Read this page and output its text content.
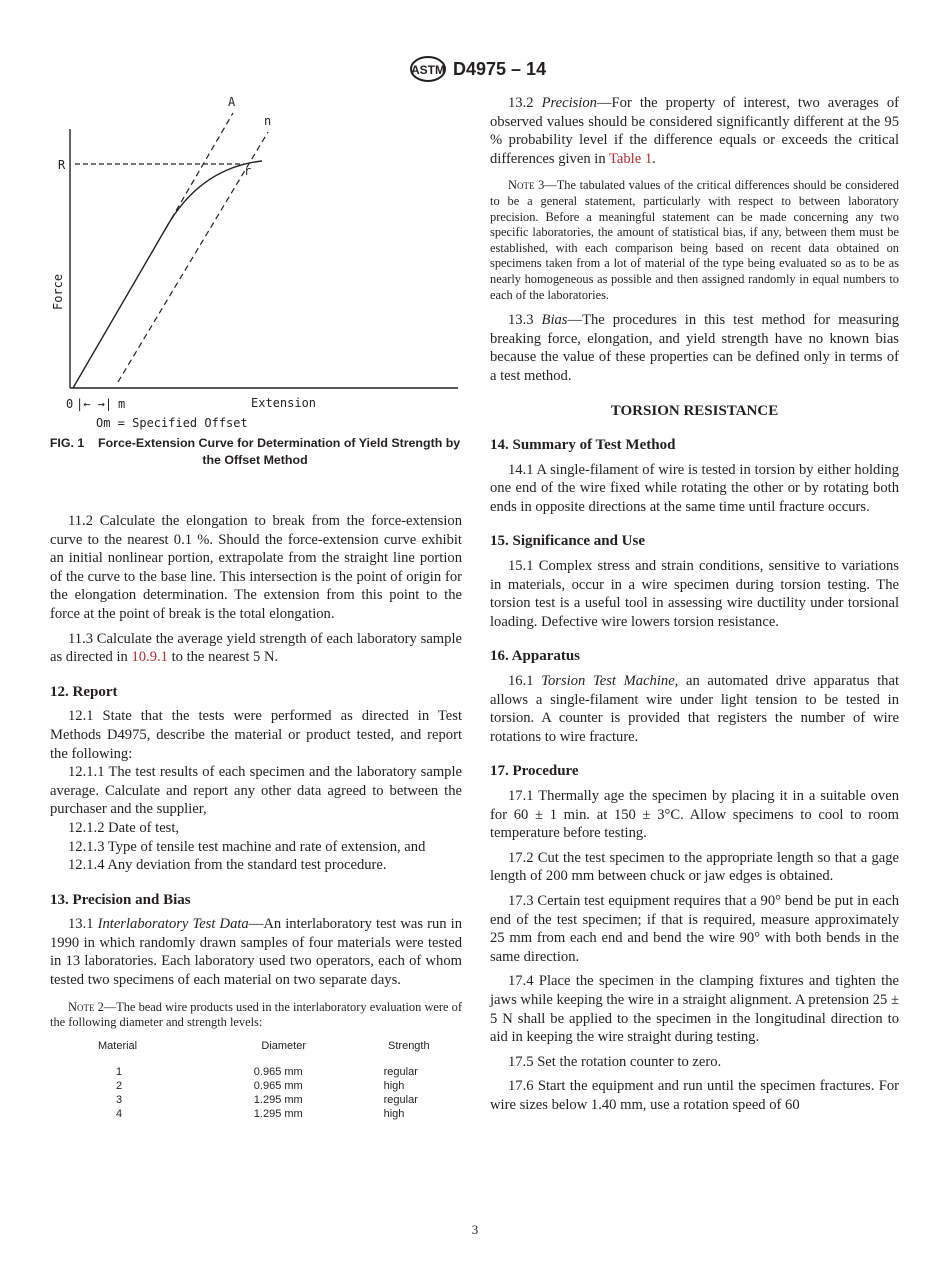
ASTM D4975 – 14
R	r
A
n
0 |← →| m	Extension
Force
Om = Specified Offset
FIG. 1 Force-Extension Curve for Determination of Yield Strength by the Offset Method

11.2 Calculate the elongation to break from the force-extension curve to the nearest 0.1 %. Should the force-extension curve exhibit an initial nonlinear portion, extrapolate from the straight line portion of the curve to the base line. This intersection is the point of origin for the elongation determination. The extension from this point to the force at the point of break is the total elongation.

11.3 Calculate the average yield strength of each laboratory sample as directed in 10.9.1 to the nearest 5 N.

12. Report

12.1 State that the tests were performed as directed in Test Methods D4975, describe the material or product tested, and report the following:

12.1.1 The test results of each specimen and the laboratory sample average. Calculate and report any other data agreed to between the purchaser and the supplier,

12.1.2 Date of test,

12.1.3 Type of tensile test machine and rate of extension, and

12.1.4 Any deviation from the standard test procedure.

13. Precision and Bias

13.1 Interlaboratory Test Data—An interlaboratory test was run in 1990 in which randomly drawn samples of four materials were tested in 13 laboratories. Each laboratory used two operators, each of whom tested two specimens of each material on two separate days.

Note 2—The bead wire products used in the interlaboratory evaluation were of the following diameter and strength levels:

Material	Diameter	Strength

1	0.965 mm	regular
2	0.965 mm	high
3	1.295 mm	regular
4	1.295 mm	high

13.2 Precision—For the property of interest, two averages of observed values should be considered significantly different at the 95 % probability level if the difference equals or exceeds the critical differences given in Table 1.

Note 3—The tabulated values of the critical differences should be considered to be a general statement, particularly with respect to between laboratory precision. Before a meaningful statement can be made concerning any two specific laboratories, the amount of statistical bias, if any, between them must be established, with each comparison being based on recent data obtained on specimens taken from a lot of material of the type being evaluated so as to be as nearly homogeneous as possible and then assigned randomly in equal numbers to each of the laboratories.

13.3 Bias—The procedures in this test method for measuring breaking force, elongation, and yield strength have no known bias because the value of these properties can be defined only in terms of a test method.

TORSION RESISTANCE

14. Summary of Test Method

14.1 A single-filament of wire is tested in torsion by either holding one end of the wire fixed while rotating the other or by rotating both ends in opposite directions at the same time until fracture occurs.

15. Significance and Use

15.1 Complex stress and strain conditions, sensitive to variations in materials, occur in a wire specimen during torsion testing. The torsion test is a useful tool in assessing wire ductility under torsional loading. Defective wire lowers torsion resistance.

16. Apparatus

16.1 Torsion Test Machine, an automated drive apparatus that allows a single-filament wire under light tension to be tested in torsion. A counter is provided that registers the number of wire rotations to wire fracture.

17. Procedure

17.1 Thermally age the specimen by placing it in a suitable oven for 60 ± 1 min. at 150 ± 3°C. Allow specimens to cool to room temperature before testing.

17.2 Cut the test specimen to the appropriate length so that a gage length of 200 mm between chuck or jaw edges is obtained.

17.3 Certain test equipment requires that a 90° bend be put in each end of the test specimen; if that is required, measure approximately 25 mm from each end and bend the wire 90° with both bends in the same direction.

17.4 Place the specimen in the clamping fixtures and tighten the jaws while keeping the wire in a straight alignment. A pretension 25 ± 5 N shall be applied to the specimen in the longitudinal direction to aid in keeping the wire straight during testing.

17.5 Set the rotation counter to zero.

17.6 Start the equipment and run until the specimen fractures. For wire sizes below 1.40 mm, use a rotation speed of 60

3
